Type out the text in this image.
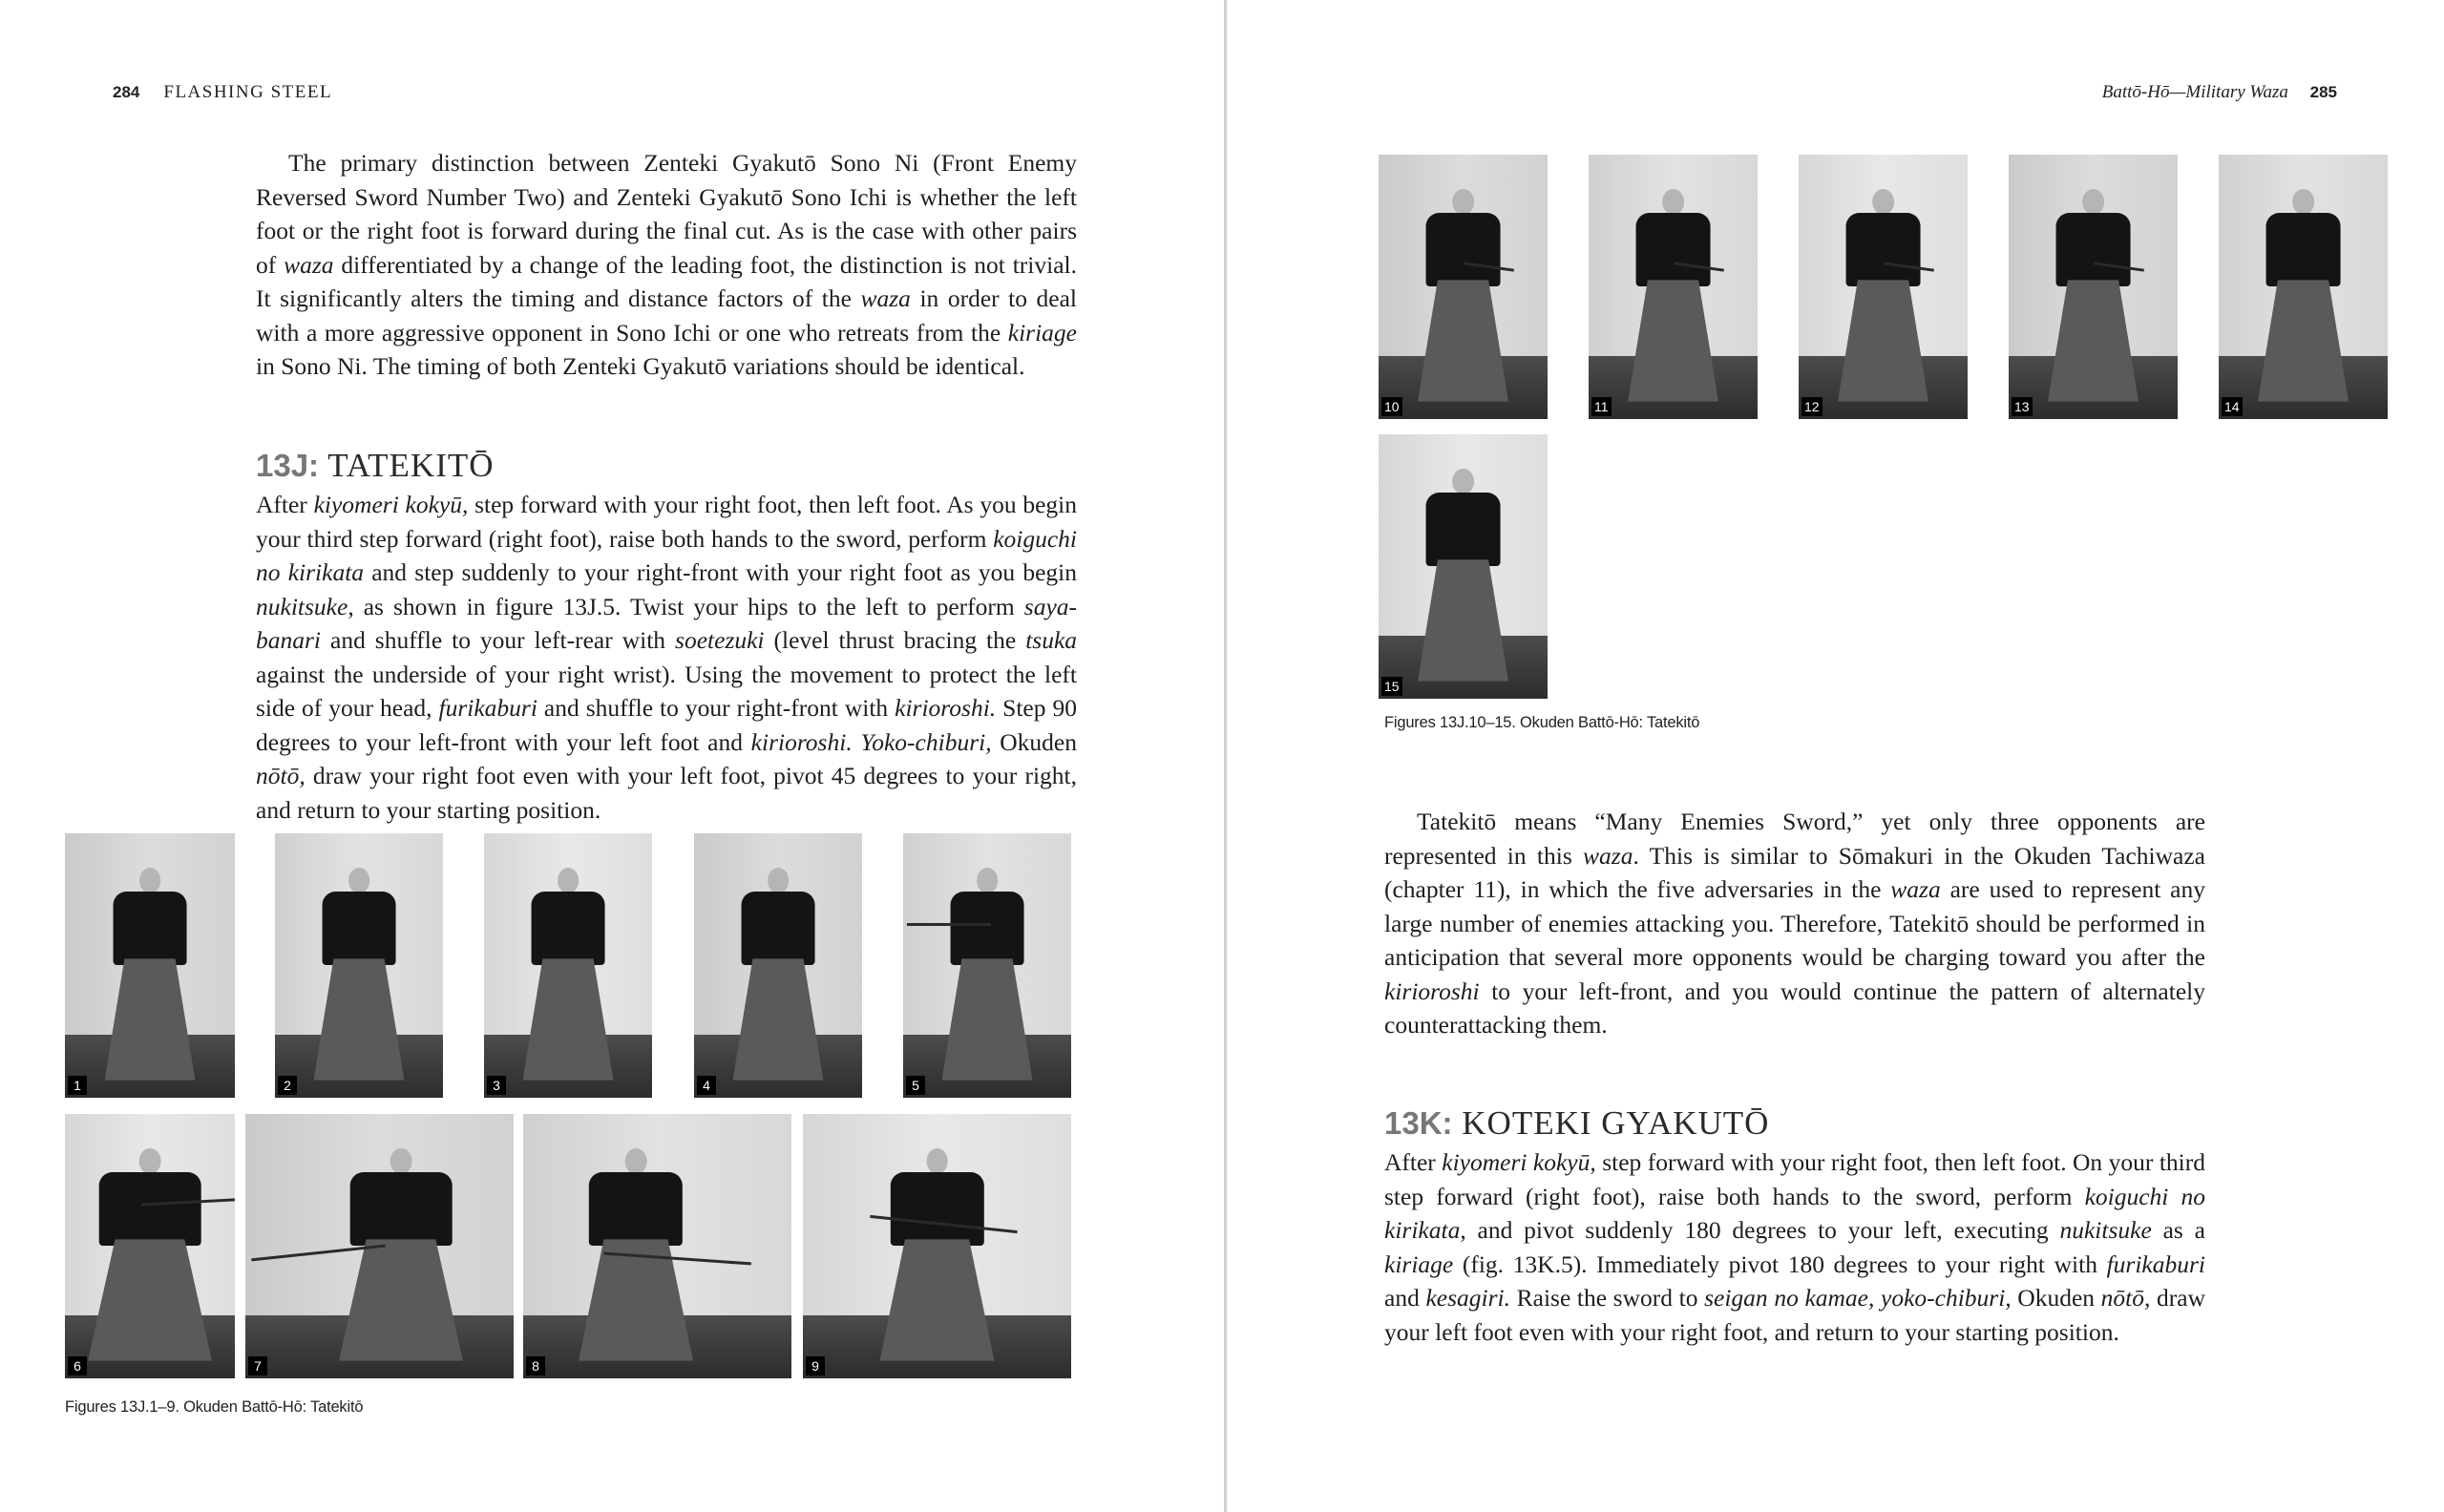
284 FLASHING STEEL

The primary distinction between Zenteki Gyakutō Sono Ni (Front Enemy Reversed Sword Number Two) and Zenteki Gyakutō Sono Ichi is whether the left foot or the right foot is forward during the final cut. As is the case with other pairs of waza differentiated by a change of the leading foot, the distinction is not trivial. It significantly alters the timing and distance factors of the waza in order to deal with a more aggressive opponent in Sono Ichi or one who retreats from the kiriage in Sono Ni. The timing of both Zenteki Gyakutō variations should be identical.

13J: TATEKITŌ

After kiyomeri kokyū, step forward with your right foot, then left foot. As you begin your third step forward (right foot), raise both hands to the sword, perform koiguchi no kirikata and step suddenly to your right-front with your right foot as you begin nukitsuke, as shown in figure 13J.5. Twist your hips to the left to perform saya-banari and shuffle to your left-rear with soetezuki (level thrust bracing the tsuka against the underside of your right wrist). Using the movement to protect the left side of your head, furikaburi and shuffle to your right-front with kirioroshi. Step 90 degrees to your left-front with your left foot and kirioroshi. Yoko-chiburi, Okuden nōtō, draw your right foot even with your left foot, pivot 45 degrees to your right, and return to your starting position.

1	2	3	4	5
6	7	8	9
Figures 13J.1–9. Okuden Battō-Hō: Tatekitō
Battō-Hō—Military Waza 285
10	11	12	13	14
15
Figures 13J.10–15. Okuden Battō-Hō: Tatekitō

Tatekitō means “Many Enemies Sword,” yet only three opponents are represented in this waza. This is similar to Sōmakuri in the Okuden Tachiwaza (chapter 11), in which the five adversaries in the waza are used to represent any large number of enemies attacking you. Therefore, Tatekitō should be performed in anticipation that several more opponents would be charging toward you after the kirioroshi to your left-front, and you would continue the pattern of alternately counterattacking them.

13K: KOTEKI GYAKUTŌ

After kiyomeri kokyū, step forward with your right foot, then left foot. On your third step forward (right foot), raise both hands to the sword, perform koiguchi no kirikata, and pivot suddenly 180 degrees to your left, executing nukitsuke as a kiriage (fig. 13K.5). Immediately pivot 180 degrees to your right with furikaburi and kesagiri. Raise the sword to seigan no kamae, yoko-chiburi, Okuden nōtō, draw your left foot even with your right foot, and return to your starting position.
